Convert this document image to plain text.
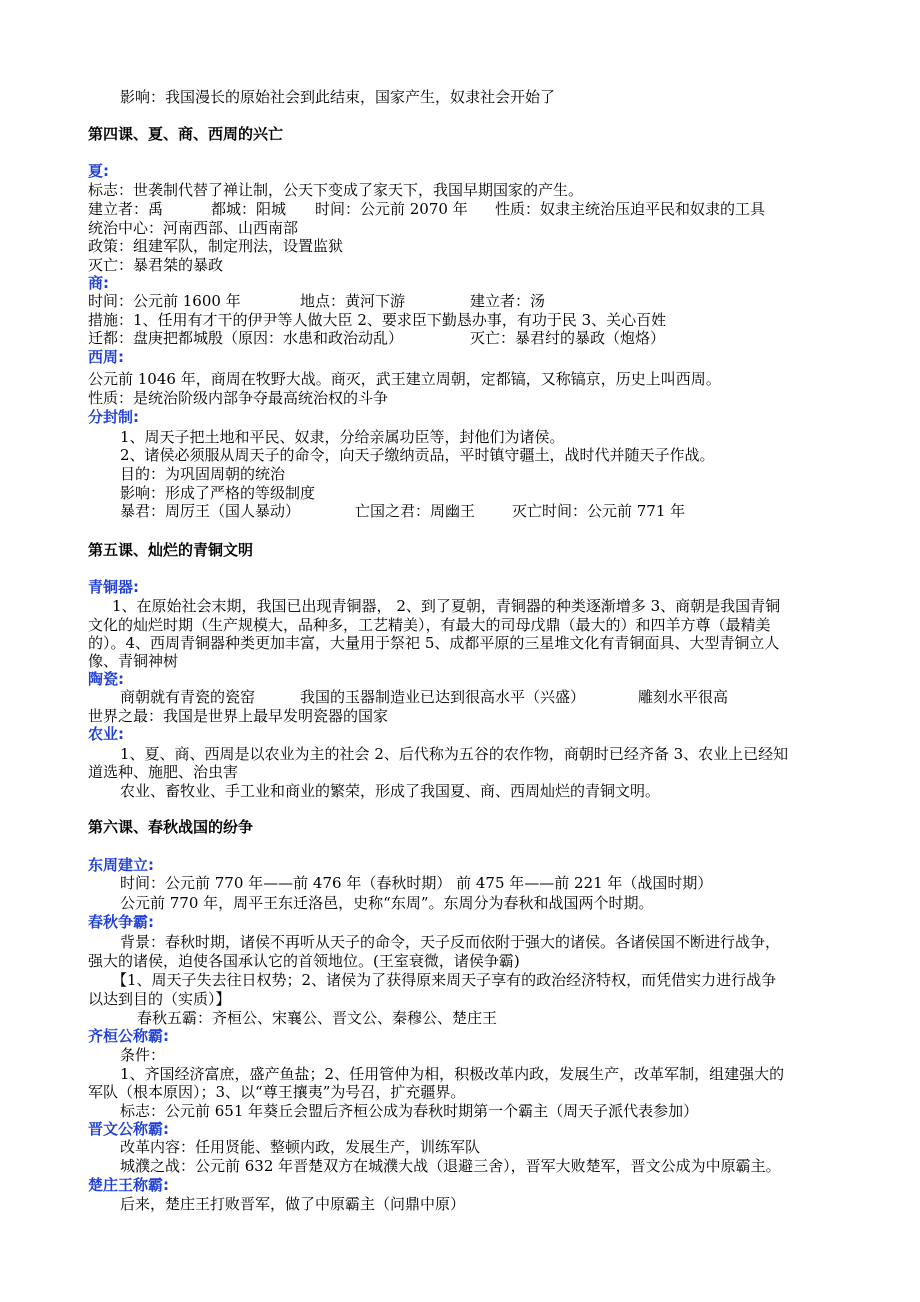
影响：我国漫长的原始社会到此结束，国家产生，奴隶社会开始了
第四课、夏、商、西周的兴亡
夏:
标志：世袭制代替了禅让制，公天下变成了家天下，我国早期国家的产生。
建立者：禹	都城：阳城 时间：公元前 2070 年 性质：奴隶主统治压迫平民和奴隶的工具
统治中心：河南西部、山西南部
政策：组建军队，制定刑法，设置监狱
灭亡：暴君桀的暴政
商:
时间：公元前 1600 年	地点：黄河下游	建立者：汤
措施：1、任用有才干的伊尹等人做大臣 2、要求臣下勤恳办事，有功于民 3、关心百姓
迁都：盘庚把都城殷（原因：水患和政治动乱）	灭亡：暴君纣的暴政（炮烙）
西周:
公元前 1046 年，商周在牧野大战。商灭，武王建立周朝，定都镐，又称镐京，历史上叫西周。
性质：是统治阶级内部争夺最高统治权的斗争
分封制:
1、周天子把土地和平民、奴隶，分给亲属功臣等，封他们为诸侯。
2、诸侯必须服从周天子的命令，向天子缴纳贡品，平时镇守疆土，战时代并随天子作战。
目的：为巩固周朝的统治
影响：形成了严格的等级制度
暴君：周厉王（国人暴动）	亡国之君：周幽王 灭亡时间：公元前 771 年
第五课、灿烂的青铜文明
青铜器:
1、在原始社会末期，我国已出现青铜器， 2、到了夏朝，青铜器的种类逐渐增多 3、商朝是我国青铜
文化的灿烂时期（生产规模大，品种多，工艺精美），有最大的司母戊鼎（最大的）和四羊方尊（最精美
的）。4、西周青铜器种类更加丰富，大量用于祭祀 5、成都平原的三星堆文化有青铜面具、大型青铜立人
像、青铜神树
陶瓷:
商朝就有青瓷的瓷窑	我国的玉器制造业已达到很高水平（兴盛）	雕刻水平很高
世界之最：我国是世界上最早发明瓷器的国家
农业:
1、夏、商、西周是以农业为主的社会 2、后代称为五谷的农作物，商朝时已经齐备 3、农业上已经知
道选种、施肥、治虫害
农业、畜牧业、手工业和商业的繁荣，形成了我国夏、商、西周灿烂的青铜文明。
第六课、春秋战国的纷争
东周建立:
时间：公元前 770 年——前 476 年（春秋时期） 前 475 年——前 221 年（战国时期）
公元前 770 年，周平王东迁洛邑，史称“东周”。东周分为春秋和战国两个时期。
春秋争霸:
背景：春秋时期，诸侯不再听从天子的命令，天子反而依附于强大的诸侯。各诸侯国不断进行战争，
强大的诸侯，迫使各国承认它的首领地位。(王室衰微，诸侯争霸)
【1、周天子失去往日权势；2、诸侯为了获得原来周天子享有的政治经济特权，而凭借实力进行战争
以达到目的（实质）】
春秋五霸：齐桓公、宋襄公、晋文公、秦穆公、楚庄王
齐桓公称霸:
条件：
1、齐国经济富庶，盛产鱼盐；2、任用管仲为相，积极改革内政，发展生产，改革军制，组建强大的
军队（根本原因）；3、以“尊王攘夷”为号召，扩充疆界。
标志：公元前 651 年葵丘会盟后齐桓公成为春秋时期第一个霸主（周天子派代表参加）
晋文公称霸:
改革内容：任用贤能、整顿内政，发展生产，训练军队
城濮之战：公元前 632 年晋楚双方在城濮大战（退避三舍），晋军大败楚军，晋文公成为中原霸主。
楚庄王称霸:
后来，楚庄王打败晋军，做了中原霸主（问鼎中原）
